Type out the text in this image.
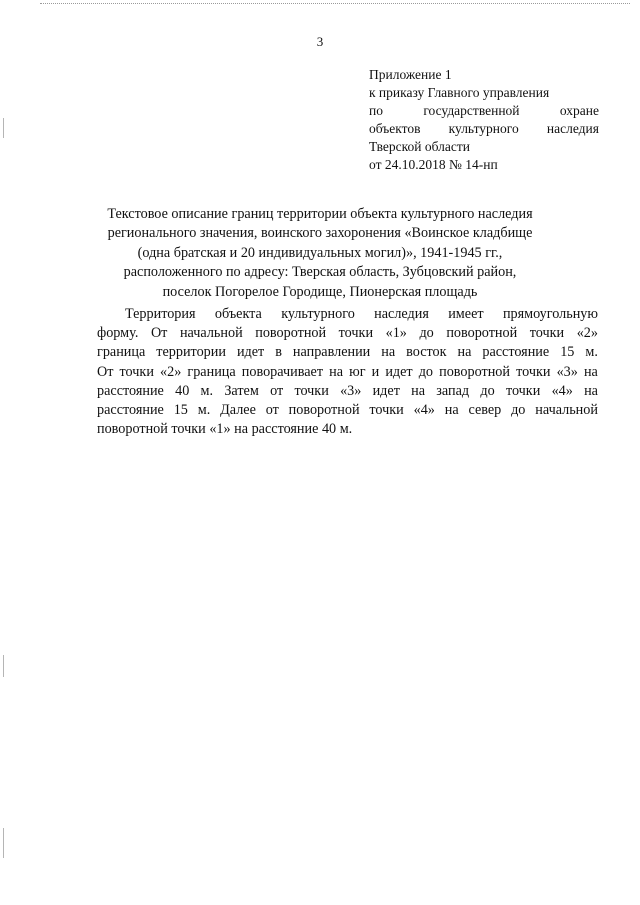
3
Приложение 1
к приказу Главного управления
по	государственной	охране
объектов культурного наследия
Тверской области
от 24.10.2018 № 14-нп
Текстовое описание границ территории объекта культурного наследия
регионального значения, воинского захоронения «Воинское кладбище
(одна братская и 20 индивидуальных могил)», 1941-1945 гг.,
расположенного по адресу: Тверская область, Зубцовский район,
поселок Погорелое Городище, Пионерская площадь
Территория объекта культурного наследия имеет прямоугольную
форму. От начальной поворотной точки «1» до поворотной точки «2»
граница территории идет в направлении на восток на расстояние 15 м.
От точки «2» граница поворачивает на юг и идет до поворотной точки «3» на
расстояние 40 м. Затем от точки «3» идет на запад до точки «4» на
расстояние 15 м. Далее от поворотной точки «4» на север до начальной
поворотной точки «1» на расстояние 40 м.
